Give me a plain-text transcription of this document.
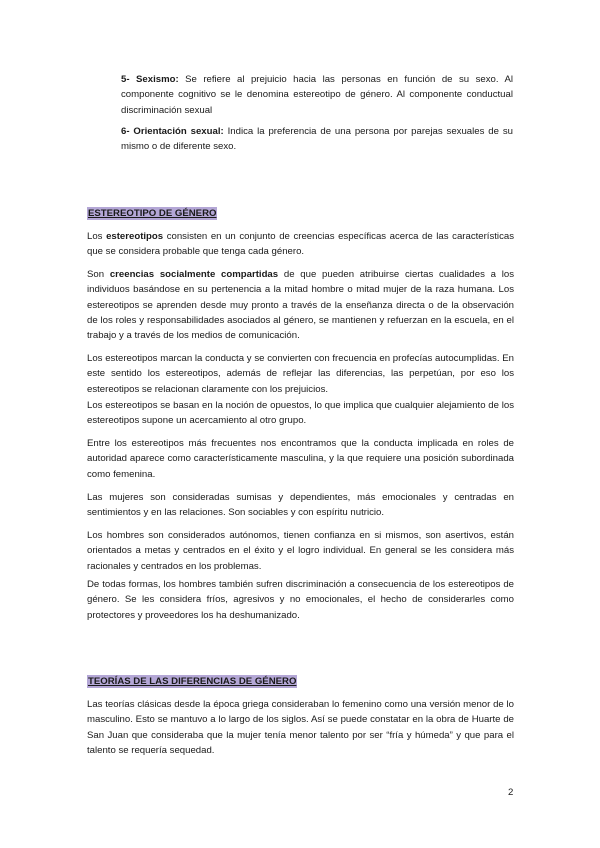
5- Sexismo: Se refiere al prejuicio hacia las personas en función de su sexo. Al componente cognitivo se le denomina estereotipo de género. Al componente conductual discriminación sexual

6- Orientación sexual: Indica la preferencia de una persona por parejas sexuales de su mismo o de diferente sexo.

ESTEREOTIPO DE GÉNERO

Los estereotipos consisten en un conjunto de creencias específicas acerca de las características que se considera probable que tenga cada género.

Son creencias socialmente compartidas de que pueden atribuirse ciertas cualidades a los individuos basándose en su pertenencia a la mitad hombre o mitad mujer de la raza humana. Los estereotipos se aprenden desde muy pronto a través de la enseñanza directa o de la observación de los roles y responsabilidades asociados al género, se mantienen y refuerzan en la escuela, en el trabajo y a través de los medios de comunicación.

Los estereotipos marcan la conducta y se convierten con frecuencia en profecías autocumplidas. En este sentido los estereotipos, además de reflejar las diferencias, las perpetúan, por eso los estereotipos se relacionan claramente con los prejuicios.

Los estereotipos se basan en la noción de opuestos, lo que implica que cualquier alejamiento de los estereotipos supone un acercamiento al otro grupo.

Entre los estereotipos más frecuentes nos encontramos que la conducta implicada en roles de autoridad aparece como característicamente masculina, y la que requiere una posición subordinada como femenina.

Las mujeres son consideradas sumisas y dependientes, más emocionales y centradas en sentimientos y en las relaciones. Son sociables y con espíritu nutricio.

Los hombres son considerados autónomos, tienen confianza en si mismos, son asertivos, están orientados a metas y centrados en el éxito y el logro individual. En general se les considera más racionales y centrados en los problemas.

De todas formas, los hombres también sufren discriminación a consecuencia de los estereotipos de género. Se les considera fríos, agresivos y no emocionales, el hecho de considerarles como protectores y proveedores los ha deshumanizado.

TEORÍAS DE LAS DIFERENCIAS DE GÉNERO

Las teorías clásicas desde la época griega consideraban lo femenino como una versión menor de lo masculino. Esto se mantuvo a lo largo de los siglos. Así se puede constatar en la obra de Huarte de San Juan que consideraba que la mujer tenía menor talento por ser “fría y húmeda” y que para el talento se requería sequedad.

2
